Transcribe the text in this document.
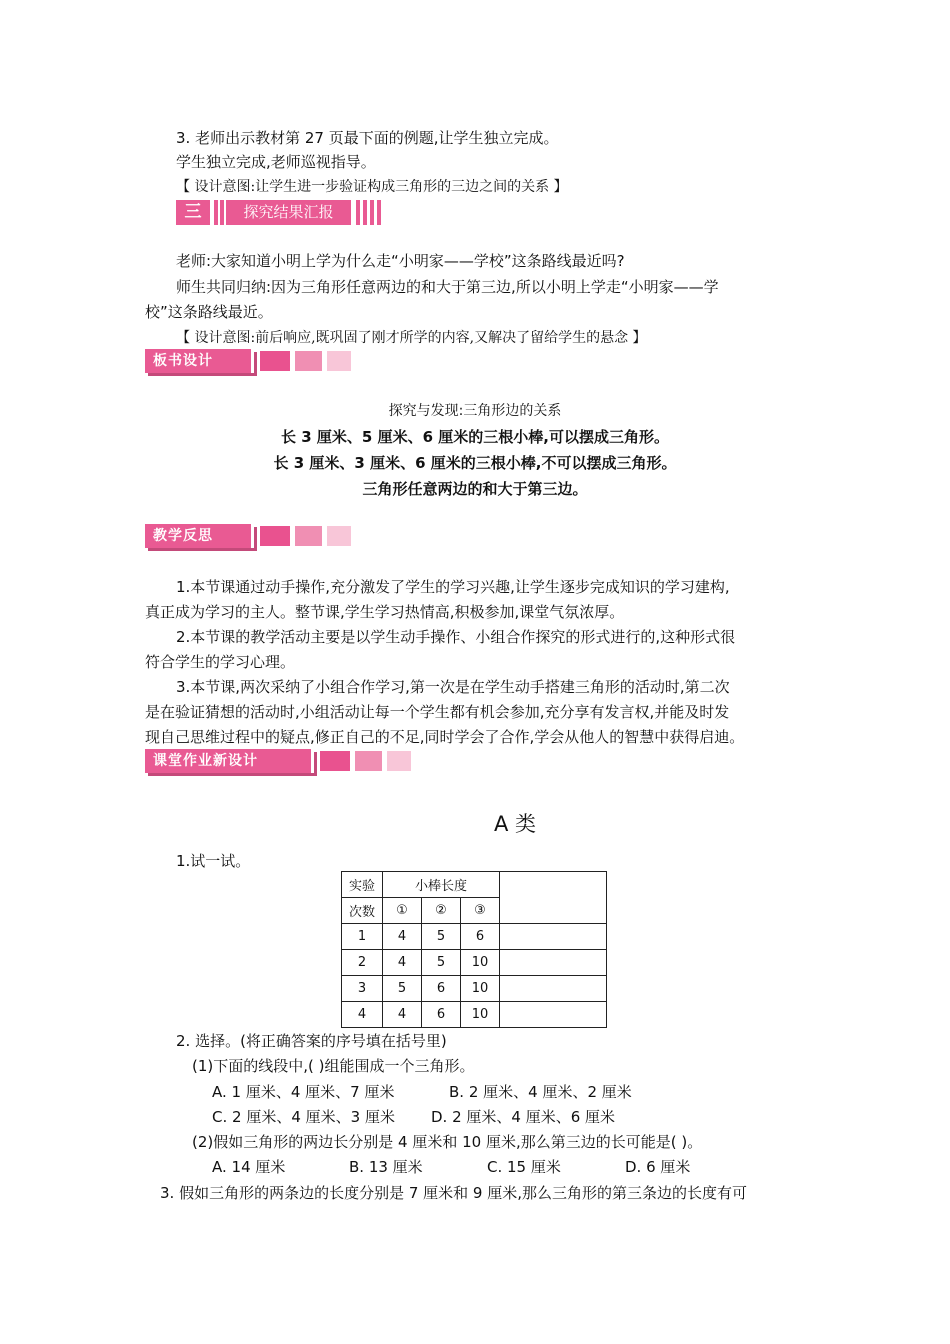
3. 老师出示教材第 27 页最下面的例题,让学生独立完成。
学生独立完成,老师巡视指导。
【 设计意图:让学生进一步验证构成三角形的三边之间的关系 】
三	探究结果汇报
老师:大家知道小明上学为什么走“小明家——学校”这条路线最近吗?
师生共同归纳:因为三角形任意两边的和大于第三边,所以小明上学走“小明家——学
校”这条路线最近。
【 设计意图:前后响应,既巩固了刚才所学的内容,又解决了留给学生的悬念 】
板书设计
探究与发现:三角形边的关系
长 3 厘米、5 厘米、6 厘米的三根小棒,可以摆成三角形。
长 3 厘米、3 厘米、6 厘米的三根小棒,不可以摆成三角形。
三角形任意两边的和大于第三边。
教学反思
1.本节课通过动手操作,充分激发了学生的学习兴趣,让学生逐步完成知识的学习建构,
真正成为学习的主人。整节课,学生学习热情高,积极参加,课堂气氛浓厚。
2.本节课的教学活动主要是以学生动手操作、小组合作探究的形式进行的,这种形式很
符合学生的学习心理。
3.本节课,两次采纳了小组合作学习,第一次是在学生动手搭建三角形的活动时,第二次
是在验证猜想的活动时,小组活动让每一个学生都有机会参加,充分享有发言权,并能及时发
现自己思维过程中的疑点,修正自己的不足,同时学会了合作,学会从他人的智慧中获得启迪。
课堂作业新设计
A 类
1.试一试。
实验	小棒长度			
次数	①	②	③	
1	4	5	6	
2	4	5	10	
3	5	6	10	
4	4	6	10	
2. 选择。(将正确答案的序号填在括号里)
(1)下面的线段中,( )组能围成一个三角形。
A. 1 厘米、4 厘米、7 厘米	B. 2 厘米、4 厘米、2 厘米
C. 2 厘米、4 厘米、3 厘米 D. 2 厘米、4 厘米、6 厘米
(2)假如三角形的两边长分别是 4 厘米和 10 厘米,那么第三边的长可能是( )。
A. 14 厘米	B. 13 厘米	C. 15 厘米	D. 6 厘米
3. 假如三角形的两条边的长度分别是 7 厘米和 9 厘米,那么三角形的第三条边的长度有可
